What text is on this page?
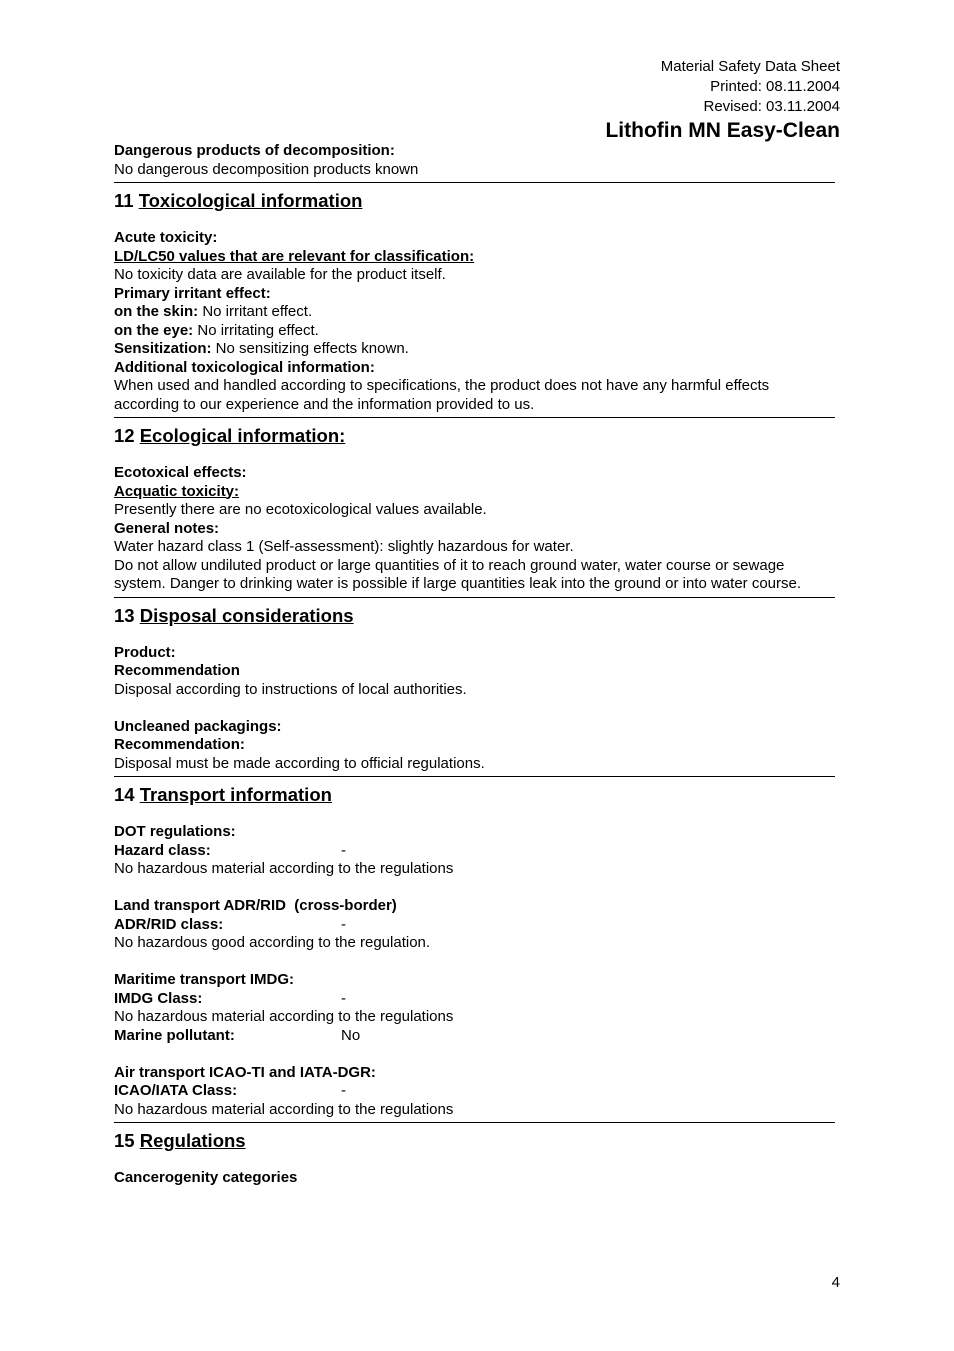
Material Safety Data Sheet
Printed: 08.11.2004
Revised: 03.11.2004
Lithofin MN Easy-Clean

Dangerous products of decomposition:

No dangerous decomposition products known

11 Toxicological information

Acute toxicity:

LD/LC50 values that are relevant for classification:

No toxicity data are available for the product itself.

Primary irritant effect:

on the skin: No irritant effect.

on the eye: No irritating effect.

Sensitization: No sensitizing effects known.

Additional toxicological information:

When used and handled according to specifications, the product does not have any harmful effects according to our experience and the information provided to us.

12 Ecological information:

Ecotoxical effects:

Acquatic toxicity:

Presently there are no ecotoxicological values available.

General notes:

Water hazard class 1 (Self-assessment): slightly hazardous for water.

Do not allow undiluted product or large quantities of it to reach ground water, water course or sewage system. Danger to drinking water is possible if large quantities leak into the ground or into water course.

13 Disposal considerations

Product:

Recommendation

Disposal according to instructions of local authorities.

Uncleaned packagings:

Recommendation:

Disposal must be made according to official regulations.

14 Transport information

DOT regulations:

Hazard class:	-

No hazardous material according to the regulations

Land transport ADR/RID  (cross-border)

ADR/RID class:	-

No hazardous good according to the regulation.

Maritime transport IMDG:

IMDG Class:	-

No hazardous material according to the regulations

Marine pollutant:	No

Air transport ICAO-TI and IATA-DGR:

ICAO/IATA Class:	-

No hazardous material according to the regulations

15 Regulations

Cancerogenity categories

4
